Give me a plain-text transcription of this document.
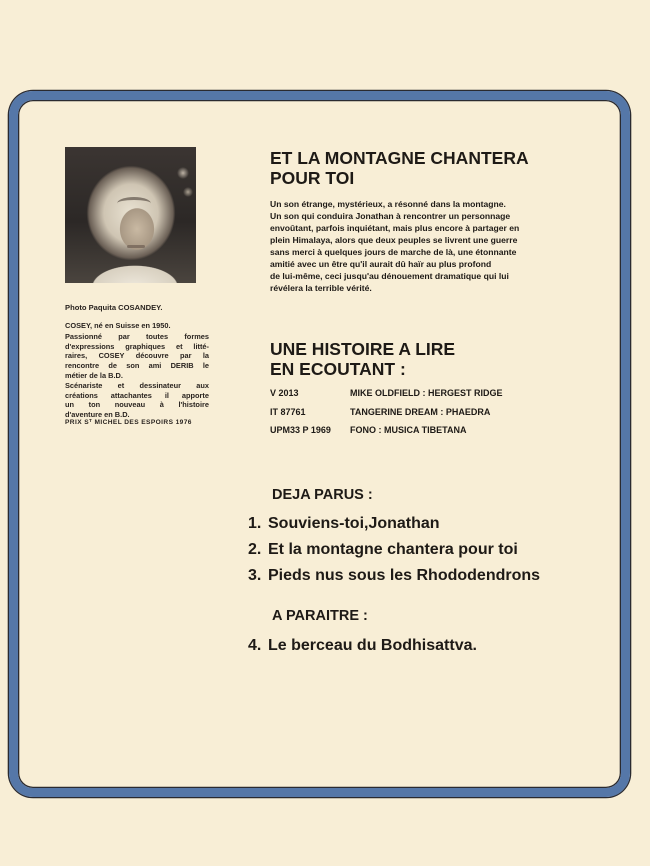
Photo Paquita COSANDEY.
COSEY, né en Suisse en 1950.
Passionné par toutes formes
d'expressions graphiques et litté-
raires, COSEY découvre par la
rencontre de son ami DERIB le
métier de la B.D.
Scénariste et dessinateur aux
créations attachantes il apporte
un ton nouveau à l'histoire
d'aventure en B.D.
PRIX $S^T$ MICHEL DES ESPOIRS 1976
ET LA MONTAGNE CHANTERA
POUR TOI
Un son étrange, mystérieux, a résonné dans la montagne.
Un son qui conduira Jonathan à rencontrer un personnage
envoûtant, parfois inquiétant, mais plus encore à partager en
plein Himalaya, alors que deux peuples se livrent une guerre
sans merci à quelques jours de marche de là, une étonnante
amitié avec un être qu'il aurait dû haïr au plus profond
de lui-même, ceci jusqu'au dénouement dramatique qui lui
révélera la terrible vérité.
UNE HISTOIRE A LIRE
EN ECOUTANT :
V 2013	MIKE OLDFIELD : HERGEST RIDGE
IT 87761	TANGERINE DREAM : PHAEDRA
UPM33 P 1969	FONO : MUSICA TIBETANA
DEJA PARUS :
1. Souviens-toi,Jonathan
2. Et la montagne chantera pour toi
3. Pieds nus sous les Rhododendrons
A PARAITRE :
4. Le berceau du Bodhisattva.
